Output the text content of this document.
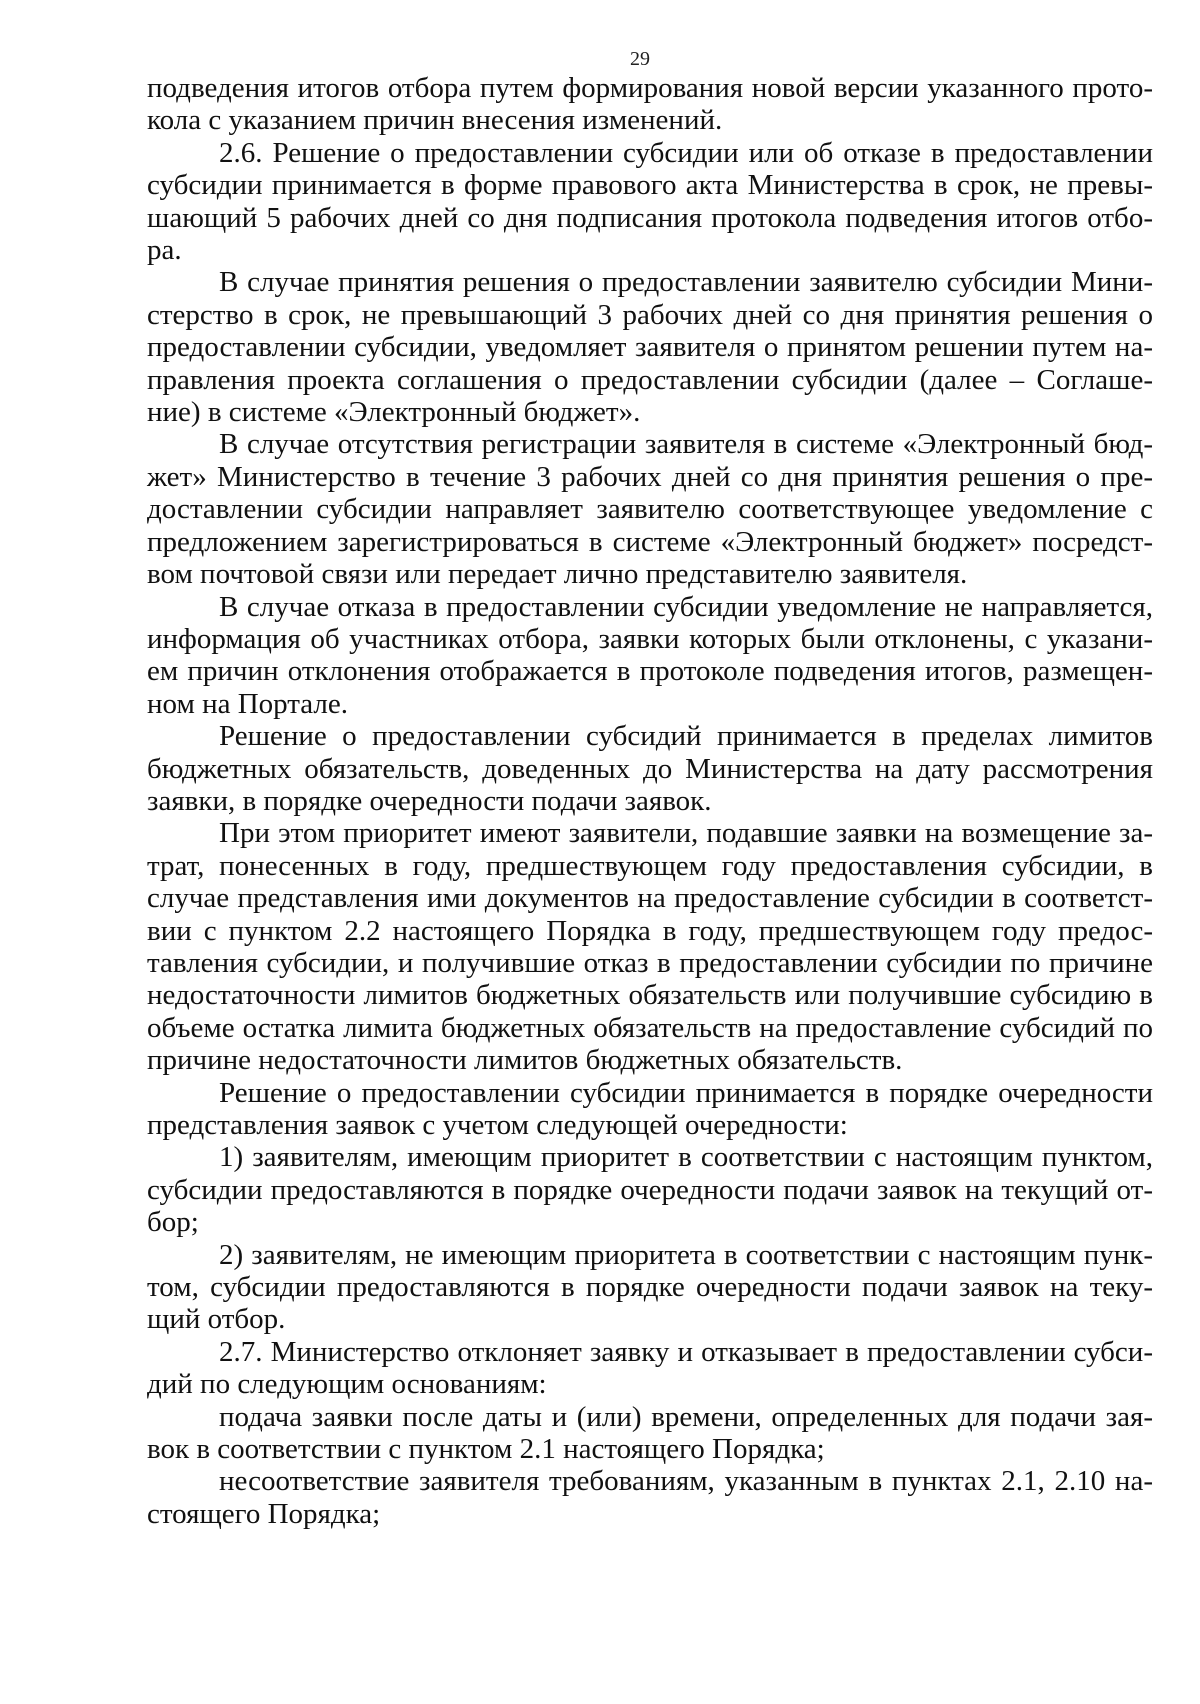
29

подведения итогов отбора путем формирования новой версии указанного протокола с указанием причин внесения изменений.

2.6. Решение о предоставлении субсидии или об отказе в предоставлении субсидии принимается в форме правового акта Министерства в срок, не превышающий 5 рабочих дней со дня подписания протокола подведения итогов отбора.

В случае принятия решения о предоставлении заявителю субсидии Министерство в срок, не превышающий 3 рабочих дней со дня принятия решения о предоставлении субсидии, уведомляет заявителя о принятом решении путем направления проекта соглашения о предоставлении субсидии (далее – Соглашение) в системе «Электронный бюджет».

В случае отсутствия регистрации заявителя в системе «Электронный бюджет» Министерство в течение 3 рабочих дней со дня принятия решения о предоставлении субсидии направляет заявителю соответствующее уведомление с предложением зарегистрироваться в системе «Электронный бюджет» посредством почтовой связи или передает лично представителю заявителя.

В случае отказа в предоставлении субсидии уведомление не направляется, информация об участниках отбора, заявки которых были отклонены, с указанием причин отклонения отображается в протоколе подведения итогов, размещенном на Портале.

Решение о предоставлении субсидий принимается в пределах лимитов бюджетных обязательств, доведенных до Министерства на дату рассмотрения заявки, в порядке очередности подачи заявок.

При этом приоритет имеют заявители, подавшие заявки на возмещение затрат, понесенных в году, предшествующем году предоставления субсидии, в случае представления ими документов на предоставление субсидии в соответствии с пунктом 2.2 настоящего Порядка в году, предшествующем году предоставления субсидии, и получившие отказ в предоставлении субсидии по причине недостаточности лимитов бюджетных обязательств или получившие субсидию в объеме остатка лимита бюджетных обязательств на предоставление субсидий по причине недостаточности лимитов бюджетных обязательств.

Решение о предоставлении субсидии принимается в порядке очередности представления заявок с учетом следующей очередности:

1) заявителям, имеющим приоритет в соответствии с настоящим пунктом, субсидии предоставляются в порядке очередности подачи заявок на текущий отбор;

2) заявителям, не имеющим приоритета в соответствии с настоящим пунктом, субсидии предоставляются в порядке очередности подачи заявок на текущий отбор.

2.7. Министерство отклоняет заявку и отказывает в предоставлении субсидий по следующим основаниям:

подача заявки после даты и (или) времени, определенных для подачи заявок в соответствии с пунктом 2.1 настоящего Порядка;

несоответствие заявителя требованиям, указанным в пунктах 2.1, 2.10 настоящего Порядка;
